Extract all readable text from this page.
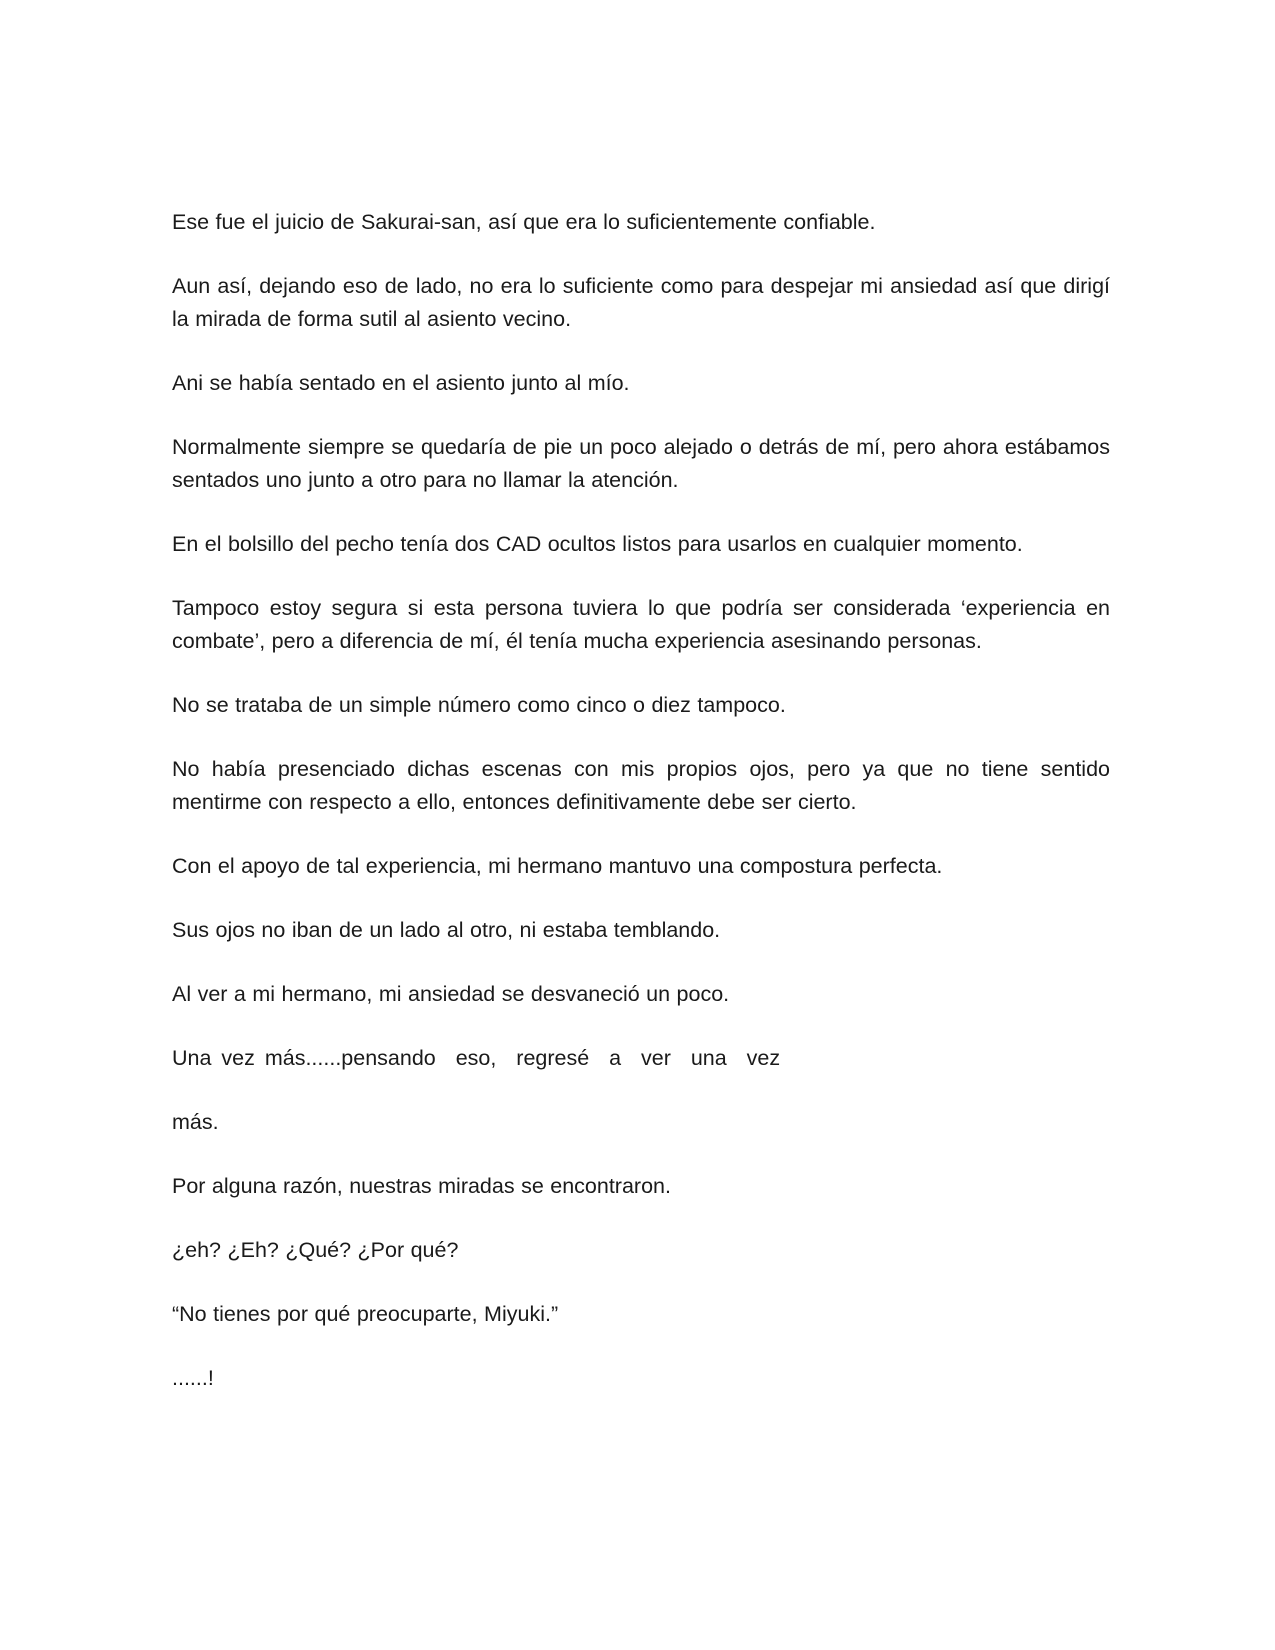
Ese fue el juicio de Sakurai-san, así que era lo suficientemente confiable.

Aun así, dejando eso de lado, no era lo suficiente como para despejar mi ansiedad así que dirigí la mirada de forma sutil al asiento vecino.

Ani se había sentado en el asiento junto al mío.

Normalmente siempre se quedaría de pie un poco alejado o detrás de mí, pero ahora estábamos sentados uno junto a otro para no llamar la atención.

En el bolsillo del pecho tenía dos CAD ocultos listos para usarlos en cualquier momento.

Tampoco estoy segura si esta persona tuviera lo que podría ser considerada ‘experiencia en combate’, pero a diferencia de mí, él tenía mucha experiencia asesinando personas.

No se trataba de un simple número como cinco o diez tampoco.

No había presenciado dichas escenas con mis propios ojos, pero ya que no tiene sentido mentirme con respecto a ello, entonces definitivamente debe ser cierto.

Con el apoyo de tal experiencia, mi hermano mantuvo una compostura perfecta.

Sus ojos no iban de un lado al otro, ni estaba temblando.

Al ver a mi hermano, mi ansiedad se desvaneció un poco.

Una vez más......pensando  eso,  regresé  a  ver  una  vez

más.

Por alguna razón, nuestras miradas se encontraron.

¿eh? ¿Eh? ¿Qué? ¿Por qué?

“No tienes por qué preocuparte, Miyuki.”

......!
